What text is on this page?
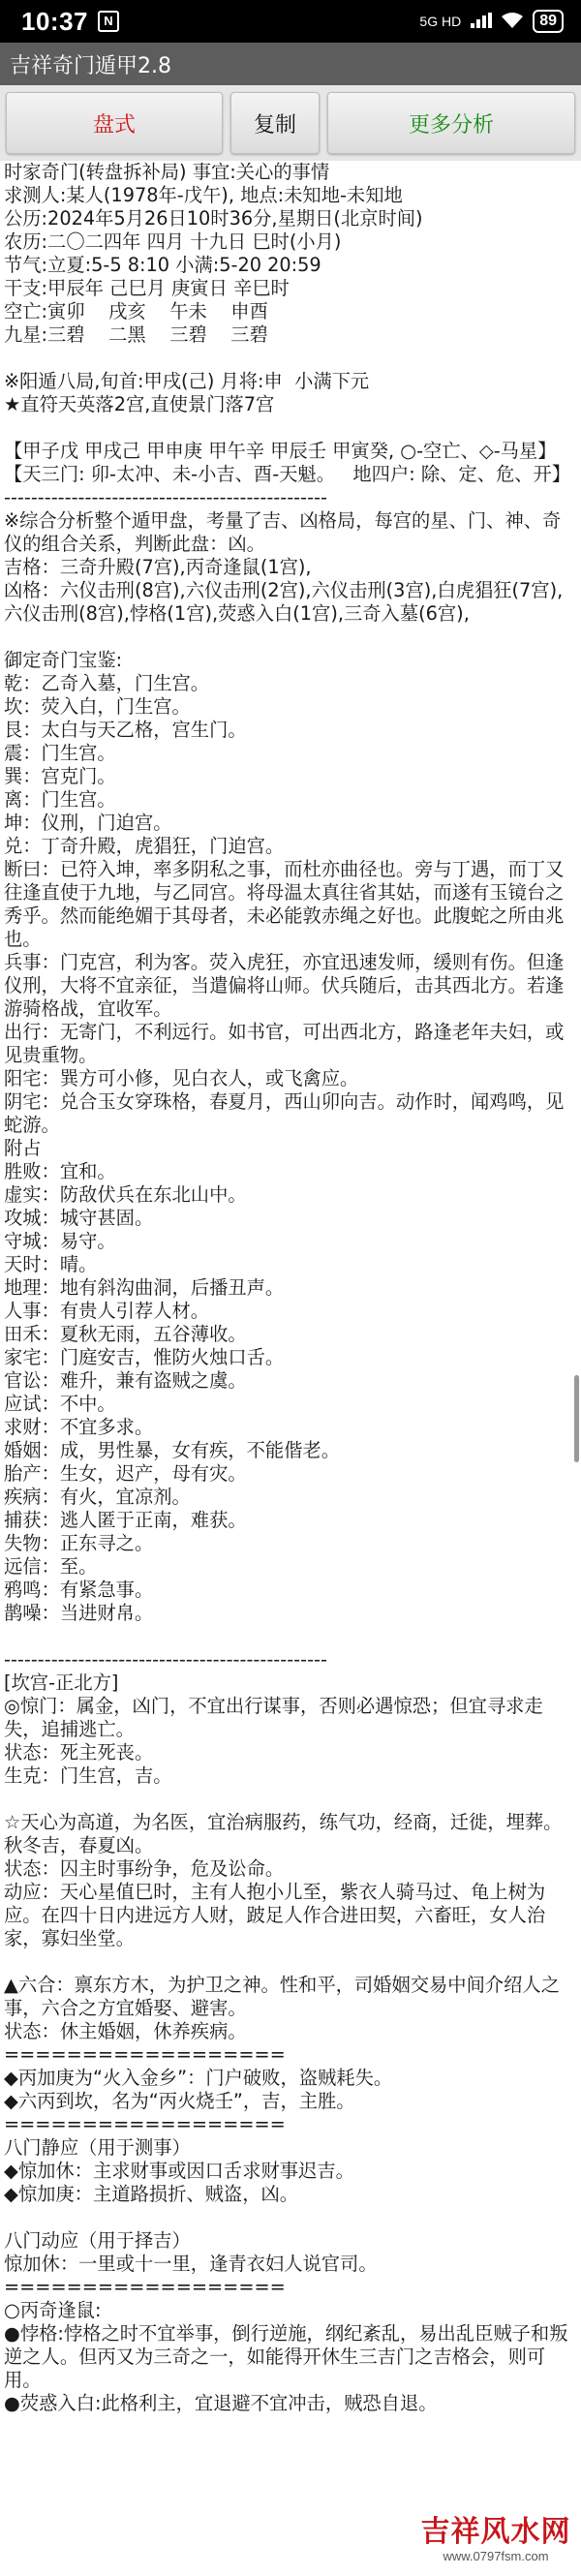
10:37	N	5G HD	89
吉祥奇门遁甲2.8
盘式	复制	更多分析
时家奇门(转盘拆补局) 事宜:关心的事情
求测人:某人(1978年-戊午), 地点:未知地-未知地
公历:2024年5月26日10时36分,星期日(北京时间)
农历:二〇二四年 四月 十九日 巳时(小月)
节气:立夏:5-5 8:10 小满:5-20 20:59
干支:甲辰年 己巳月 庚寅日 辛巳时
空亡:寅卯    戌亥    午未    申酉
九星:三碧    二黑    三碧    三碧
※阳遁八局,旬首:甲戌(己) 月将:申  小满下元
★直符天英落2宫,直使景门落7宫
【甲子戊 甲戌己 甲申庚 甲午辛 甲辰壬 甲寅癸, ○-空亡、◇-马星】
【天三门: 卯-太冲、未-小吉、酉-天魁。   地四户: 除、定、危、开】
------------------------------------------------
※综合分析整个遁甲盘，考量了吉、凶格局，每宫的星、门、神、奇仪的组合关系，判断此盘：凶。
吉格：三奇升殿(7宫),丙奇逢鼠(1宫),
凶格：六仪击刑(8宫),六仪击刑(2宫),六仪击刑(3宫),白虎猖狂(7宫),六仪击刑(8宫),悖格(1宫),荧惑入白(1宫),三奇入墓(6宫),
御定奇门宝鉴:
乾：乙奇入墓，门生宫。
坎：荧入白，门生宫。
艮：太白与天乙格，宫生门。
震：门生宫。
巽：宫克门。
离：门生宫。
坤：仪刑，门迫宫。
兑：丁奇升殿，虎猖狂，门迫宫。
断曰：已符入坤，率多阴私之事，而杜亦曲径也。旁与丁遇，而丁又往逢直使于九地，与乙同宫。将母温太真往省其姑，而遂有玉镜台之秀乎。然而能绝媚于其母者，未必能敦赤绳之好也。此腹蛇之所由兆也。
兵事：门克宫，利为客。荧入虎狂，亦宜迅速发师，缓则有伤。但逢仪刑，大将不宜亲征，当遣偏将山师。伏兵随后，击其西北方。若逢游骑格战，宜收军。
出行：无寄门，不利远行。如书官，可出西北方，路逢老年夫妇，或见贵重物。
阳宅：巽方可小修，见白衣人，或飞禽应。
阴宅：兑合玉女穿珠格，春夏月，西山卯向吉。动作时，闻鸡鸣，见蛇游。
附占
胜败：宜和。
虚实：防敌伏兵在东北山中。
攻城：城守甚固。
守城：易守。
天时：晴。
地理：地有斜沟曲洞，后播丑声。
人事：有贵人引荐人材。
田禾：夏秋无雨，五谷薄收。
家宅：门庭安吉，惟防火烛口舌。
官讼：难升，兼有盗贼之虞。
应试：不中。
求财：不宜多求。
婚姻：成，男性暴，女有疾，不能偕老。
胎产：生女，迟产，母有灾。
疾病：有火，宜凉剂。
捕获：逃人匿于正南，难获。
失物：正东寻之。
远信：至。
鸦鸣：有紧急事。
鹊噪：当进财帛。
------------------------------------------------
[坎宫-正北方]
◎惊门：属金，凶门，不宜出行谋事，否则必遇惊恐；但宜寻求走失，追捕逃亡。
状态：死主死丧。
生克：门生宫，吉。
☆天心为高道，为名医，宜治病服药，练气功，经商，迁徙，埋葬。秋冬吉，春夏凶。
状态：囚主时事纷争，危及讼命。
动应：天心星值巳时，主有人抱小儿至，紫衣人骑马过、龟上树为应。在四十日内进远方人财，跛足人作合进田契，六畜旺，女人治家，寡妇坐堂。
▲六合：禀东方木，为护卫之神。性和平，司婚姻交易中间介绍人之事，六合之方宜婚娶、避害。
状态：休主婚姻，休养疾病。
==================
◆丙加庚为“火入金乡”：门户破败，盗贼耗失。
◆六丙到坎，名为“丙火烧壬”，吉，主胜。
==================
八门静应（用于测事）
◆惊加休：主求财事或因口舌求财事迟吉。
◆惊加庚：主道路损折、贼盗，凶。
八门动应（用于择吉）
惊加休：一里或十一里，逢青衣妇人说官司。
==================
○丙奇逢鼠:
●悖格:悖格之时不宜举事，倒行逆施，纲纪紊乱，易出乱臣贼子和叛逆之人。但丙又为三奇之一，如能得开休生三吉门之吉格会，则可用。
●荧惑入白:此格利主，宜退避不宜冲击，贼恐自退。
吉祥风水网
www.0797fsm.com
